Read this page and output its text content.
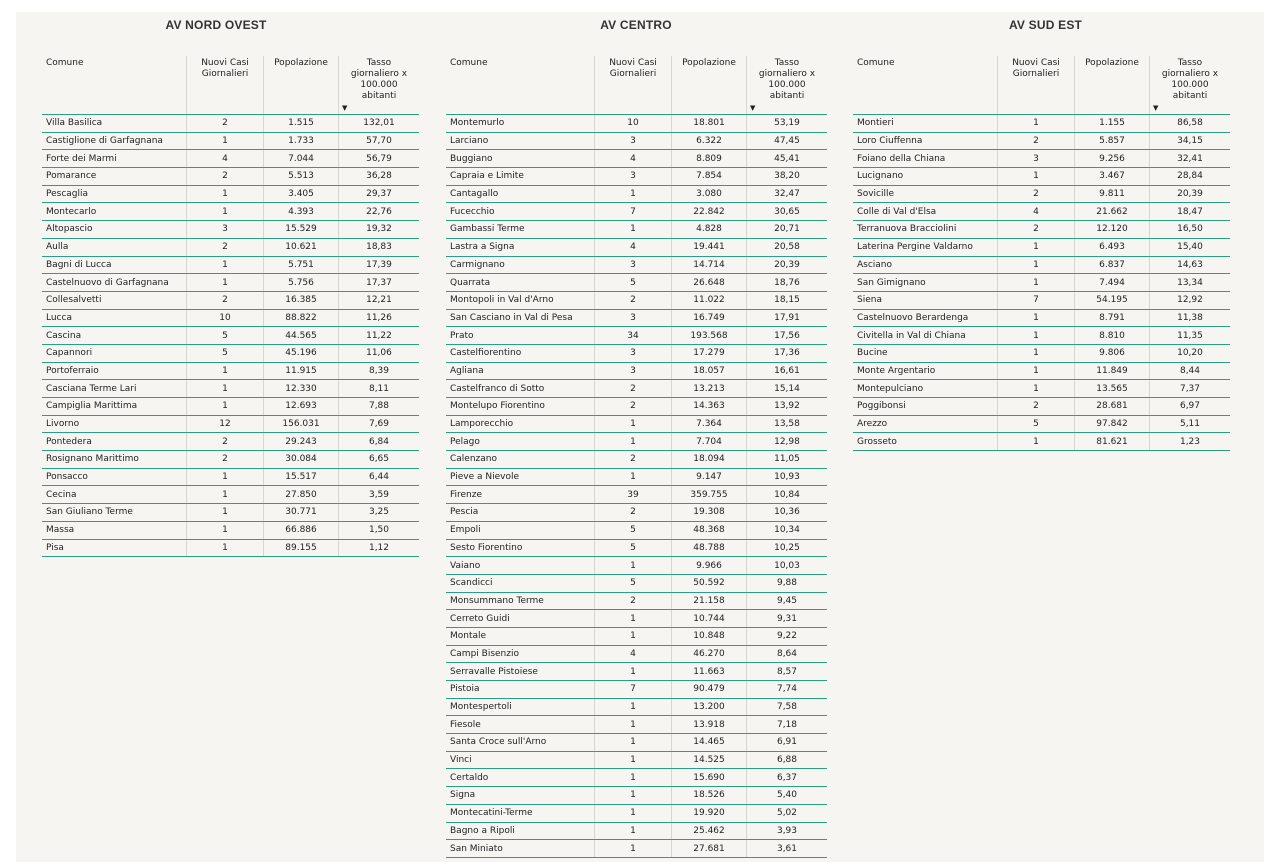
AV NORD OVEST
Comune	Nuovi Casi Giornalieri	Popolazione	Tasso giornaliero x 100.000 abitanti
▼

Villa Basilica	2	1.515	132,01
Castiglione di Garfagnana	1	1.733	57,70
Forte dei Marmi	4	7.044	56,79
Pomarance	2	5.513	36,28
Pescaglia	1	3.405	29,37
Montecarlo	1	4.393	22,76
Altopascio	3	15.529	19,32
Aulla	2	10.621	18,83
Bagni di Lucca	1	5.751	17,39
Castelnuovo di Garfagnana	1	5.756	17,37
Collesalvetti	2	16.385	12,21
Lucca	10	88.822	11,26
Cascina	5	44.565	11,22
Capannori	5	45.196	11,06
Portoferraio	1	11.915	8,39
Casciana Terme Lari	1	12.330	8,11
Campiglia Marittima	1	12.693	7,88
Livorno	12	156.031	7,69
Pontedera	2	29.243	6,84
Rosignano Marittimo	2	30.084	6,65
Ponsacco	1	15.517	6,44
Cecina	1	27.850	3,59
San Giuliano Terme	1	30.771	3,25
Massa	1	66.886	1,50
Pisa	1	89.155	1,12
AV CENTRO
Comune	Nuovi Casi Giornalieri	Popolazione	Tasso giornaliero x 100.000 abitanti
▼

Montemurlo	10	18.801	53,19
Larciano	3	6.322	47,45
Buggiano	4	8.809	45,41
Capraia e Limite	3	7.854	38,20
Cantagallo	1	3.080	32,47
Fucecchio	7	22.842	30,65
Gambassi Terme	1	4.828	20,71
Lastra a Signa	4	19.441	20,58
Carmignano	3	14.714	20,39
Quarrata	5	26.648	18,76
Montopoli in Val d'Arno	2	11.022	18,15
San Casciano in Val di Pesa	3	16.749	17,91
Prato	34	193.568	17,56
Castelfiorentino	3	17.279	17,36
Agliana	3	18.057	16,61
Castelfranco di Sotto	2	13.213	15,14
Montelupo Fiorentino	2	14.363	13,92
Lamporecchio	1	7.364	13,58
Pelago	1	7.704	12,98
Calenzano	2	18.094	11,05
Pieve a Nievole	1	9.147	10,93
Firenze	39	359.755	10,84
Pescia	2	19.308	10,36
Empoli	5	48.368	10,34
Sesto Fiorentino	5	48.788	10,25
Vaiano	1	9.966	10,03
Scandicci	5	50.592	9,88
Monsummano Terme	2	21.158	9,45
Cerreto Guidi	1	10.744	9,31
Montale	1	10.848	9,22
Campi Bisenzio	4	46.270	8,64
Serravalle Pistoiese	1	11.663	8,57
Pistoia	7	90.479	7,74
Montespertoli	1	13.200	7,58
Fiesole	1	13.918	7,18
Santa Croce sull'Arno	1	14.465	6,91
Vinci	1	14.525	6,88
Certaldo	1	15.690	6,37
Signa	1	18.526	5,40
Montecatini-Terme	1	19.920	5,02
Bagno a Ripoli	1	25.462	3,93
San Miniato	1	27.681	3,61
AV SUD EST
Comune	Nuovi Casi Giornalieri	Popolazione	Tasso giornaliero x 100.000 abitanti
▼

Montieri	1	1.155	86,58
Loro Ciuffenna	2	5.857	34,15
Foiano della Chiana	3	9.256	32,41
Lucignano	1	3.467	28,84
Sovicille	2	9.811	20,39
Colle di Val d'Elsa	4	21.662	18,47
Terranuova Bracciolini	2	12.120	16,50
Laterina Pergine Valdarno	1	6.493	15,40
Asciano	1	6.837	14,63
San Gimignano	1	7.494	13,34
Siena	7	54.195	12,92
Castelnuovo Berardenga	1	8.791	11,38
Civitella in Val di Chiana	1	8.810	11,35
Bucine	1	9.806	10,20
Monte Argentario	1	11.849	8,44
Montepulciano	1	13.565	7,37
Poggibonsi	2	28.681	6,97
Arezzo	5	97.842	5,11
Grosseto	1	81.621	1,23
